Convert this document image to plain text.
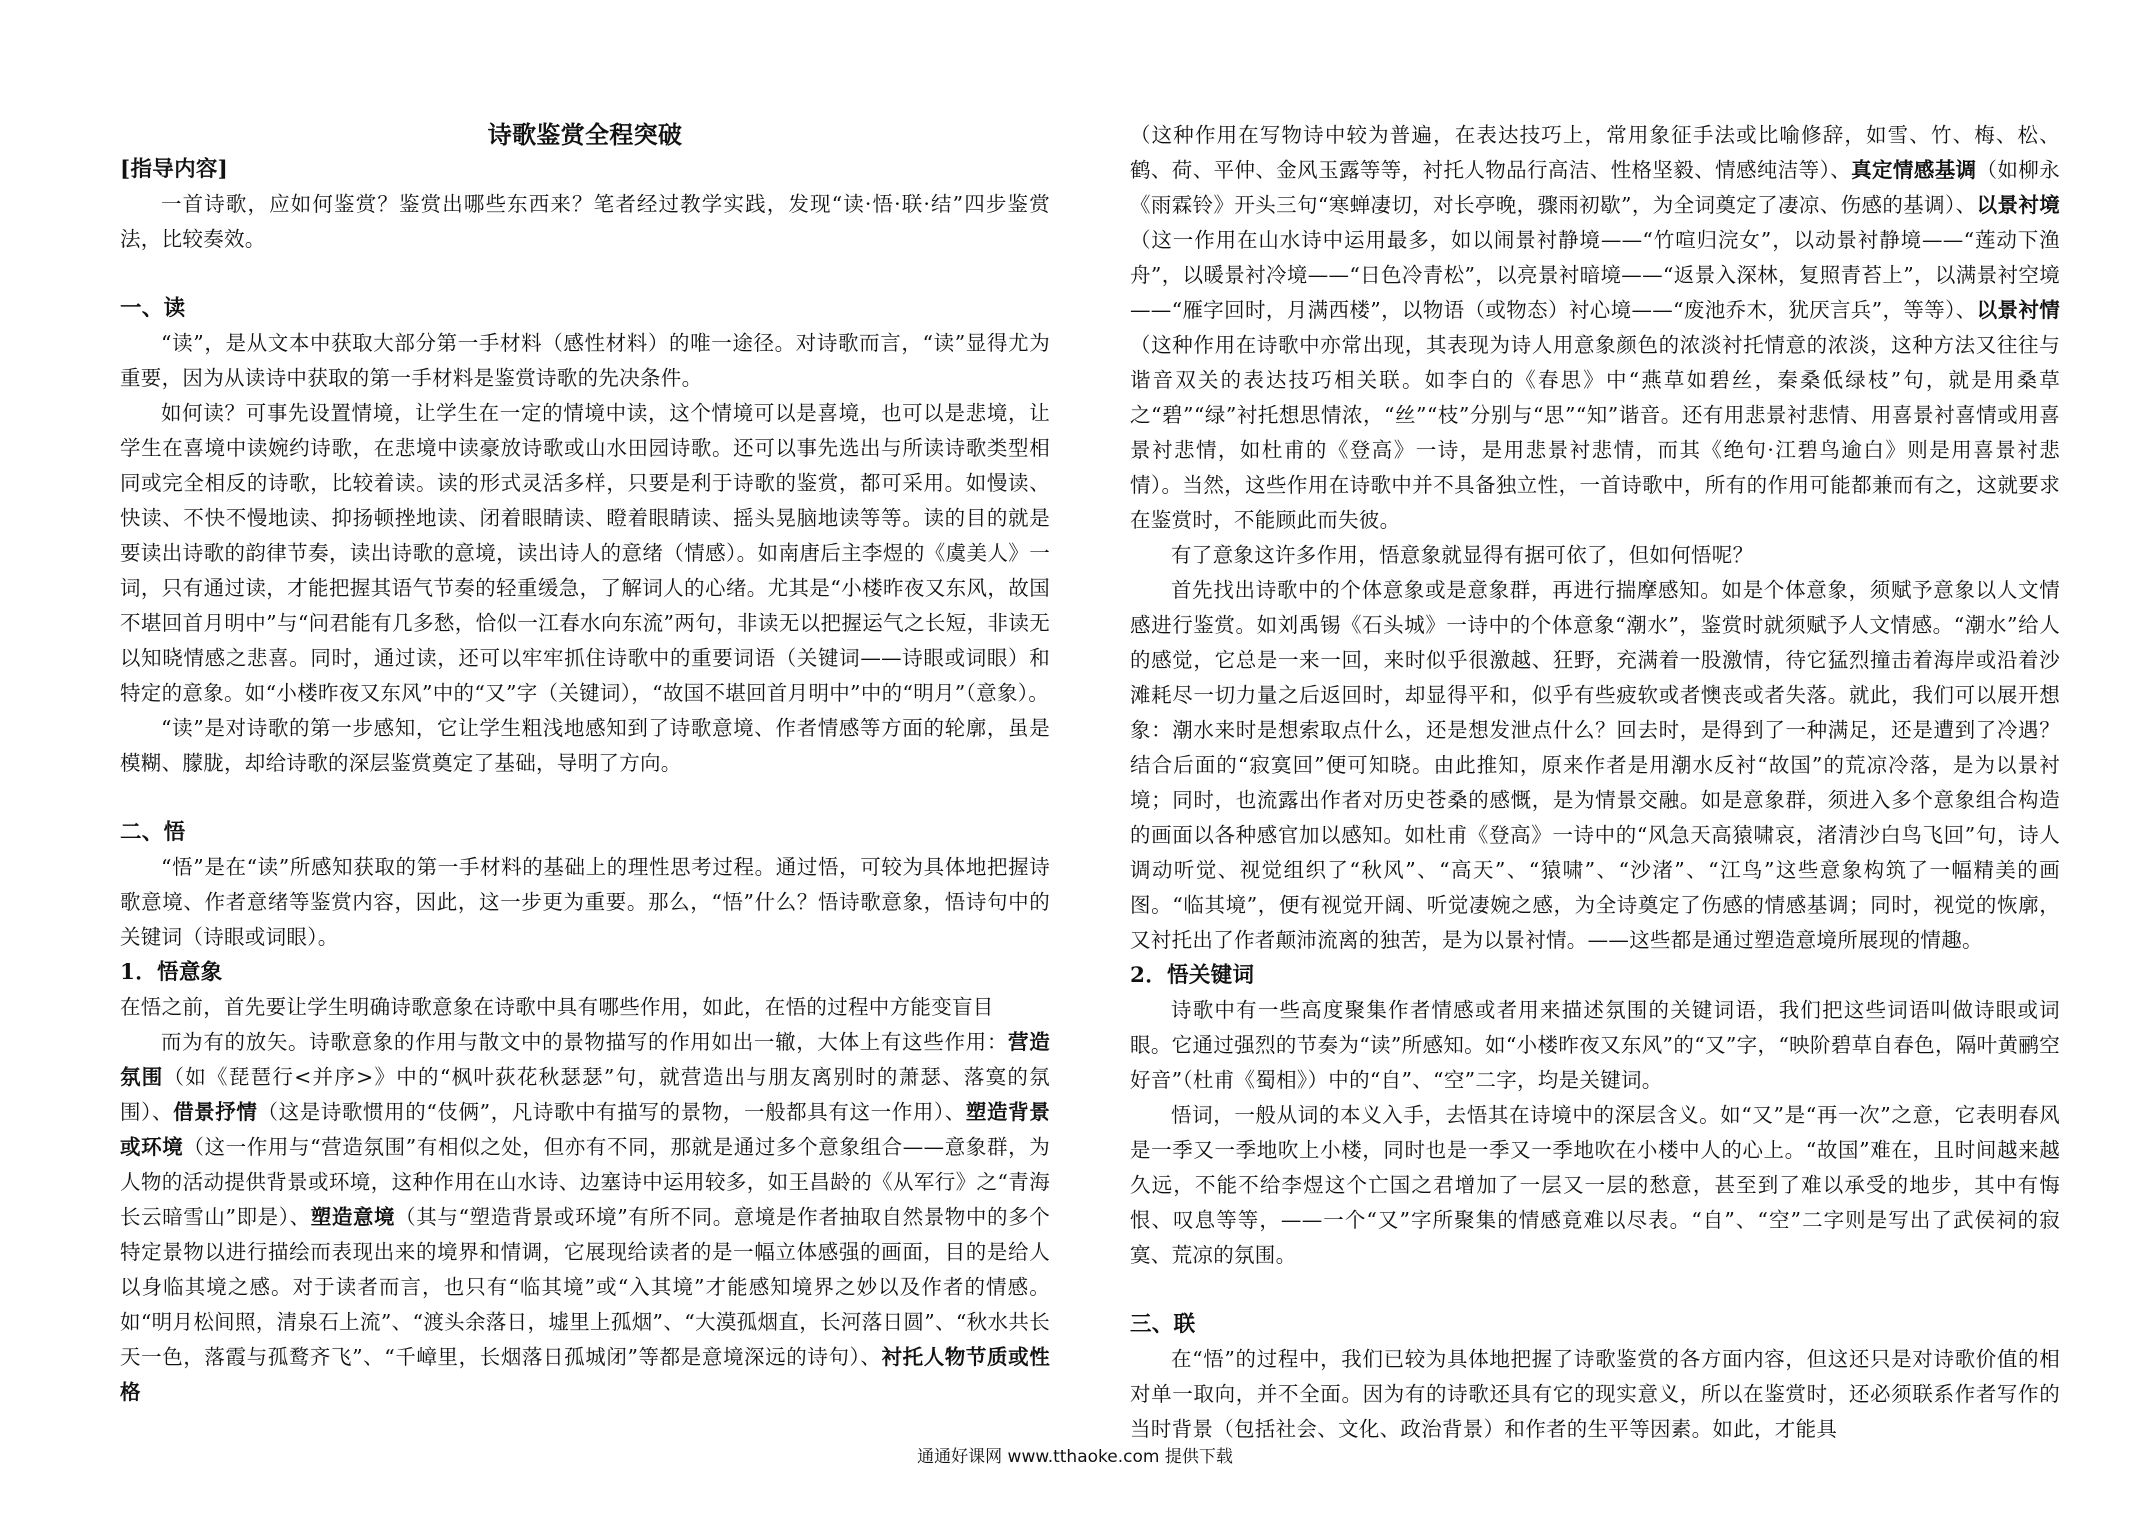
诗歌鉴赏全程突破
[指导内容]

一首诗歌，应如何鉴赏？鉴赏出哪些东西来？笔者经过教学实践，发现“读·悟·联·结”四步鉴赏法，比较奏效。

一、读

“读”，是从文本中获取大部分第一手材料（感性材料）的唯一途径。对诗歌而言，“读”显得尤为重要，因为从读诗中获取的第一手材料是鉴赏诗歌的先决条件。

如何读？可事先设置情境，让学生在一定的情境中读，这个情境可以是喜境，也可以是悲境，让学生在喜境中读婉约诗歌，在悲境中读豪放诗歌或山水田园诗歌。还可以事先选出与所读诗歌类型相同或完全相反的诗歌，比较着读。读的形式灵活多样，只要是利于诗歌的鉴赏，都可采用。如慢读、快读、不快不慢地读、抑扬顿挫地读、闭着眼睛读、瞪着眼睛读、摇头晃脑地读等等。读的目的就是要读出诗歌的韵律节奏，读出诗歌的意境，读出诗人的意绪（情感）。如南唐后主李煜的《虞美人》一词，只有通过读，才能把握其语气节奏的轻重缓急，了解词人的心绪。尤其是“小楼昨夜又东风，故国不堪回首月明中”与“问君能有几多愁，恰似一江春水向东流”两句，非读无以把握运气之长短，非读无以知晓情感之悲喜。同时，通过读，还可以牢牢抓住诗歌中的重要词语（关键词——诗眼或词眼）和特定的意象。如“小楼昨夜又东风”中的“又”字（关键词），“故国不堪回首月明中”中的“明月”（意象）。

“读”是对诗歌的第一步感知，它让学生粗浅地感知到了诗歌意境、作者情感等方面的轮廓，虽是模糊、朦胧，却给诗歌的深层鉴赏奠定了基础，导明了方向。

二、悟

“悟”是在“读”所感知获取的第一手材料的基础上的理性思考过程。通过悟，可较为具体地把握诗歌意境、作者意绪等鉴赏内容，因此，这一步更为重要。那么，“悟”什么？悟诗歌意象，悟诗句中的关键词（诗眼或词眼）。

1．悟意象

在悟之前，首先要让学生明确诗歌意象在诗歌中具有哪些作用，如此，在悟的过程中方能变盲目

而为有的放矢。诗歌意象的作用与散文中的景物描写的作用如出一辙，大体上有这些作用：营造氛围（如《琵琶行<并序>》中的“枫叶荻花秋瑟瑟”句，就营造出与朋友离别时的萧瑟、落寞的氛围）、借景抒情（这是诗歌惯用的“伎俩”，凡诗歌中有描写的景物，一般都具有这一作用）、塑造背景或环境（这一作用与“营造氛围”有相似之处，但亦有不同，那就是通过多个意象组合——意象群，为人物的活动提供背景或环境，这种作用在山水诗、边塞诗中运用较多，如王昌龄的《从军行》之“青海长云暗雪山”即是）、塑造意境（其与“塑造背景或环境”有所不同。意境是作者抽取自然景物中的多个特定景物以进行描绘而表现出来的境界和情调，它展现给读者的是一幅立体感强的画面，目的是给人以身临其境之感。对于读者而言，也只有“临其境”或“入其境”才能感知境界之妙以及作者的情感。如“明月松间照，清泉石上流”、“渡头余落日，墟里上孤烟”、“大漠孤烟直，长河落日圆”、“秋水共长天一色，落霞与孤鹜齐飞”、“千嶂里，长烟落日孤城闭”等都是意境深远的诗句）、衬托人物节质或性格

（这种作用在写物诗中较为普遍，在表达技巧上，常用象征手法或比喻修辞，如雪、竹、梅、松、鹤、荷、平仲、金风玉露等等，衬托人物品行高洁、性格坚毅、情感纯洁等）、真定情感基调（如柳永《雨霖铃》开头三句“寒蝉凄切，对长亭晚，骤雨初歇”，为全词奠定了凄凉、伤感的基调）、以景衬境（这一作用在山水诗中运用最多，如以闹景衬静境——“竹喧归浣女”，以动景衬静境——“莲动下渔舟”，以暖景衬冷境——“日色冷青松”，以亮景衬暗境——“返景入深林，复照青苔上”，以满景衬空境——“雁字回时，月满西楼”，以物语（或物态）衬心境——“废池乔木，犹厌言兵”，等等）、以景衬情（这种作用在诗歌中亦常出现，其表现为诗人用意象颜色的浓淡衬托情意的浓淡，这种方法又往往与谐音双关的表达技巧相关联。如李白的《春思》中“燕草如碧丝，秦桑低绿枝”句，就是用桑草之“碧”“绿”衬托想思情浓，“丝”“枝”分别与“思”“知”谐音。还有用悲景衬悲情、用喜景衬喜情或用喜景衬悲情，如杜甫的《登高》一诗，是用悲景衬悲情，而其《绝句·江碧鸟逾白》则是用喜景衬悲情）。当然，这些作用在诗歌中并不具备独立性，一首诗歌中，所有的作用可能都兼而有之，这就要求在鉴赏时，不能顾此而失彼。

有了意象这许多作用，悟意象就显得有据可依了，但如何悟呢？

首先找出诗歌中的个体意象或是意象群，再进行揣摩感知。如是个体意象，须赋予意象以人文情感进行鉴赏。如刘禹锡《石头城》一诗中的个体意象“潮水”，鉴赏时就须赋予人文情感。“潮水”给人的感觉，它总是一来一回，来时似乎很激越、狂野，充满着一股激情，待它猛烈撞击着海岸或沿着沙滩耗尽一切力量之后返回时，却显得平和，似乎有些疲软或者懊丧或者失落。就此，我们可以展开想象：潮水来时是想索取点什么，还是想发泄点什么？回去时，是得到了一种满足，还是遭到了冷遇？结合后面的“寂寞回”便可知晓。由此推知，原来作者是用潮水反衬“故国”的荒凉冷落，是为以景衬境；同时，也流露出作者对历史苍桑的感慨，是为情景交融。如是意象群，须进入多个意象组合构造的画面以各种感官加以感知。如杜甫《登高》一诗中的“风急天高猿啸哀，渚清沙白鸟飞回”句，诗人调动听觉、视觉组织了“秋风”、“高天”、“猿啸”、“沙渚”、“江鸟”这些意象构筑了一幅精美的画图。“临其境”，便有视觉开阔、听觉凄婉之感，为全诗奠定了伤感的情感基调；同时，视觉的恢廓，又衬托出了作者颠沛流离的独苦，是为以景衬情。——这些都是通过塑造意境所展现的情趣。

2．悟关键词

诗歌中有一些高度聚集作者情感或者用来描述氛围的关键词语，我们把这些词语叫做诗眼或词眼。它通过强烈的节奏为“读”所感知。如“小楼昨夜又东风”的“又”字，“映阶碧草自春色，隔叶黄鹂空好音”（杜甫《蜀相》）中的“自”、“空”二字，均是关键词。

悟词，一般从词的本义入手，去悟其在诗境中的深层含义。如“又”是“再一次”之意，它表明春风是一季又一季地吹上小楼，同时也是一季又一季地吹在小楼中人的心上。“故国”难在，且时间越来越久远，不能不给李煜这个亡国之君增加了一层又一层的愁意，甚至到了难以承受的地步，其中有悔恨、叹息等等，——一个“又”字所聚集的情感竟难以尽表。“自”、“空”二字则是写出了武侯祠的寂寞、荒凉的氛围。

三、联

在“悟”的过程中，我们已较为具体地把握了诗歌鉴赏的各方面内容，但这还只是对诗歌价值的相对单一取向，并不全面。因为有的诗歌还具有它的现实意义，所以在鉴赏时，还必须联系作者写作的当时背景（包括社会、文化、政治背景）和作者的生平等因素。如此，才能具

通通好课网 www.tthaoke.com 提供下载
